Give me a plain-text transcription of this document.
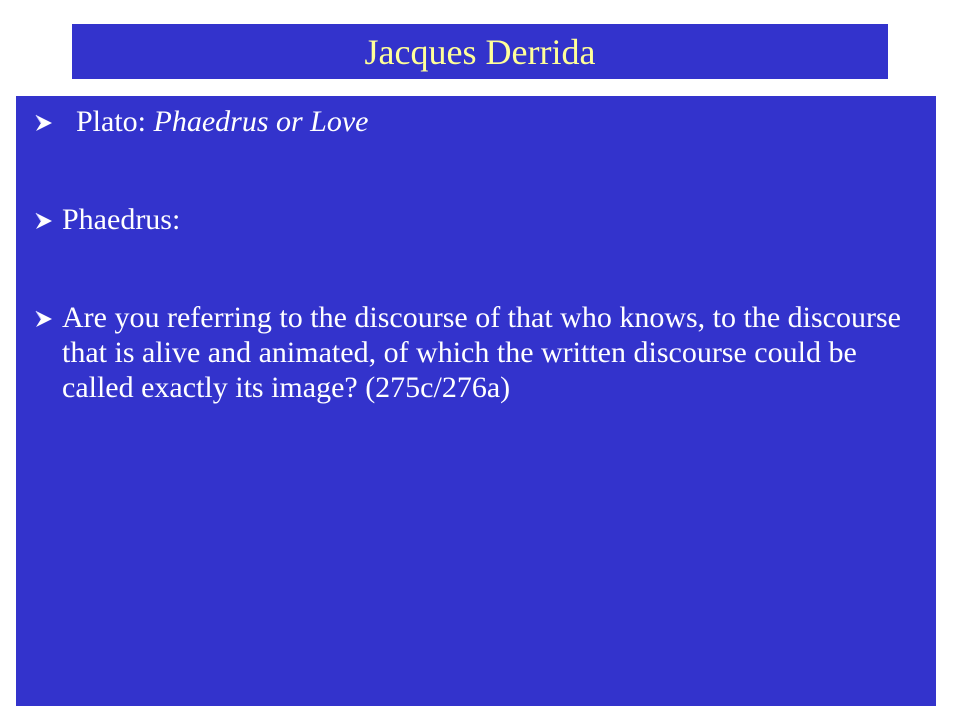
Jacques Derrida
Plato: Phaedrus or Love
Phaedrus:
Are you referring to the discourse of that who knows, to the discourse that is alive and animated, of which the written discourse could be called exactly its image? (275c/276a)
